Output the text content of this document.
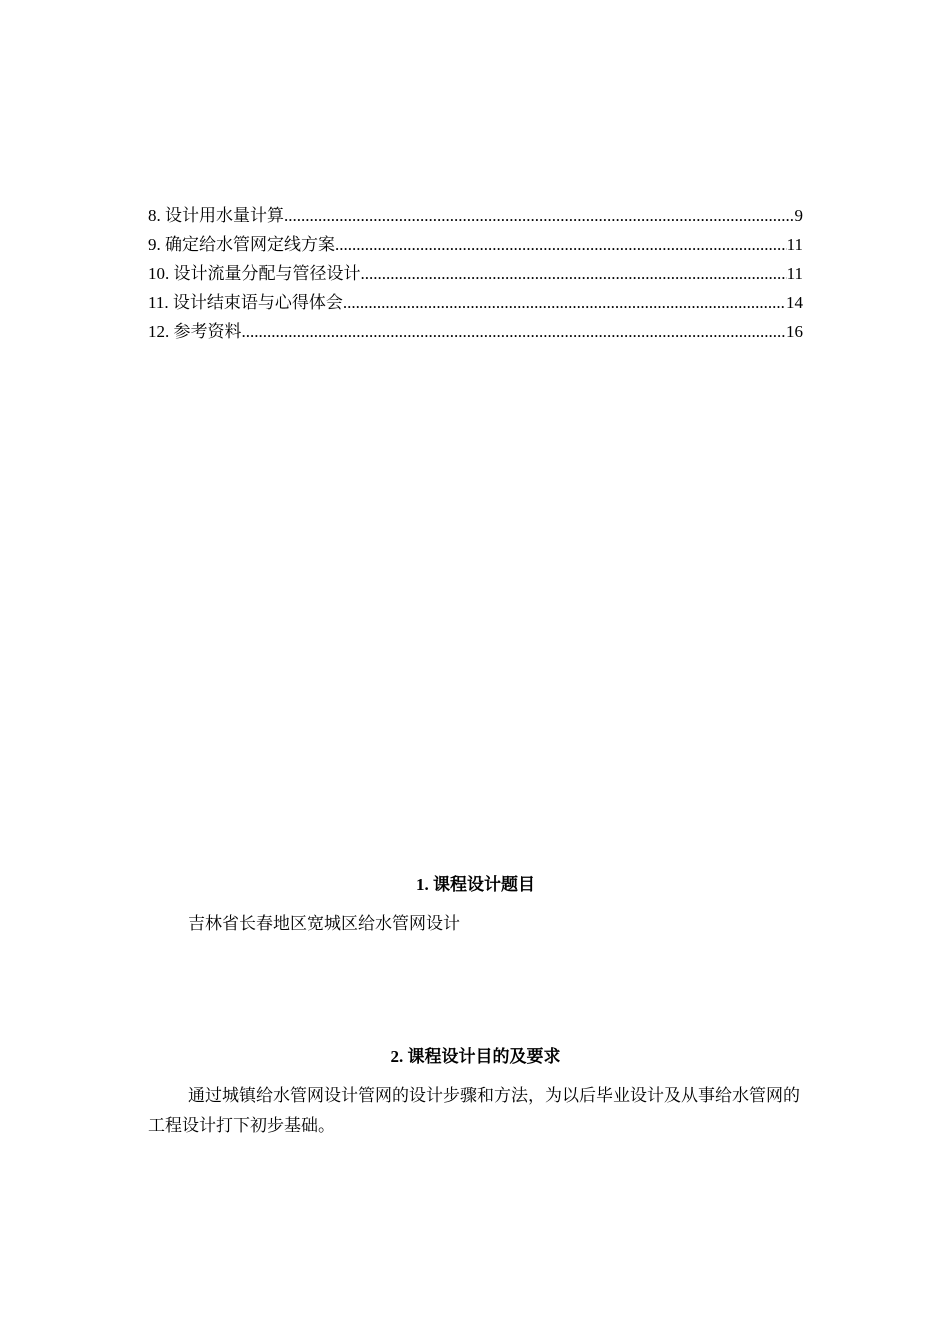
8. 设计用水量计算 .....	9
9. 确定给水管网定线方案 .....	11
10. 设计流量分配与管径设计 .....	11
11. 设计结束语与心得体会 .....	14
12. 参考资料 .....	16
1. 课程设计题目
吉林省长春地区宽城区给水管网设计
2. 课程设计目的及要求
通过城镇给水管网设计管网的设计步骤和方法，为以后毕业设计及从事给水管网的工程设计打下初步基础。
